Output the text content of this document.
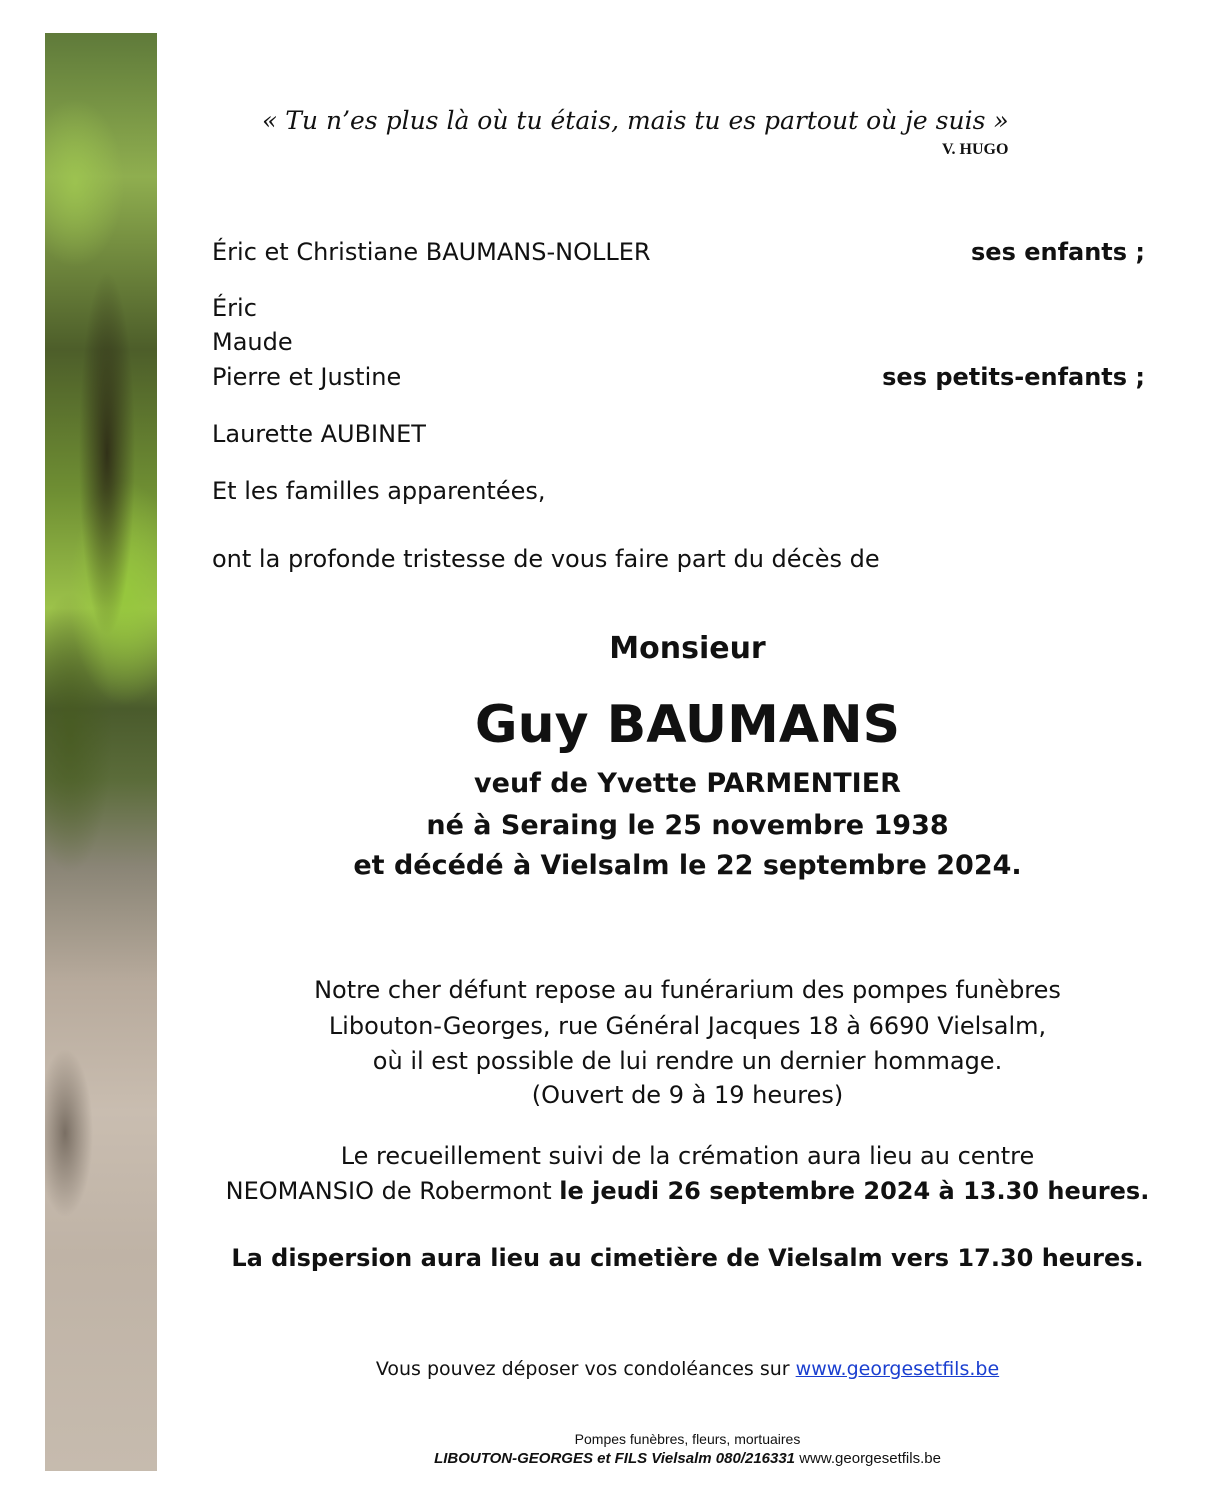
« Tu n’es plus là où tu étais, mais tu es partout où je suis »
V. HUGO
Éric et Christiane BAUMANS-NOLLER	ses enfants ;
Éric
Maude
Pierre et Justine	ses petits-enfants ;
Laurette AUBINET
Et les familles apparentées,
ont la profonde tristesse de vous faire part du décès de
Monsieur
Guy BAUMANS
veuf de Yvette PARMENTIER
né à Seraing le 25 novembre 1938
et décédé à Vielsalm le 22 septembre 2024.
Notre cher défunt repose au funérarium des pompes funèbres
Libouton-Georges, rue Général Jacques 18 à 6690 Vielsalm,
où il est possible de lui rendre un dernier hommage.
(Ouvert de 9 à 19 heures)
Le recueillement suivi de la crémation aura lieu au centre
NEOMANSIO de Robermont le jeudi 26 septembre 2024 à 13.30 heures.
La dispersion aura lieu au cimetière de Vielsalm vers 17.30 heures.
Vous pouvez déposer vos condoléances sur www.georgesetfils.be
Pompes funèbres, fleurs, mortuaires
LIBOUTON-GEORGES et FILS Vielsalm 080/216331 www.georgesetfils.be
